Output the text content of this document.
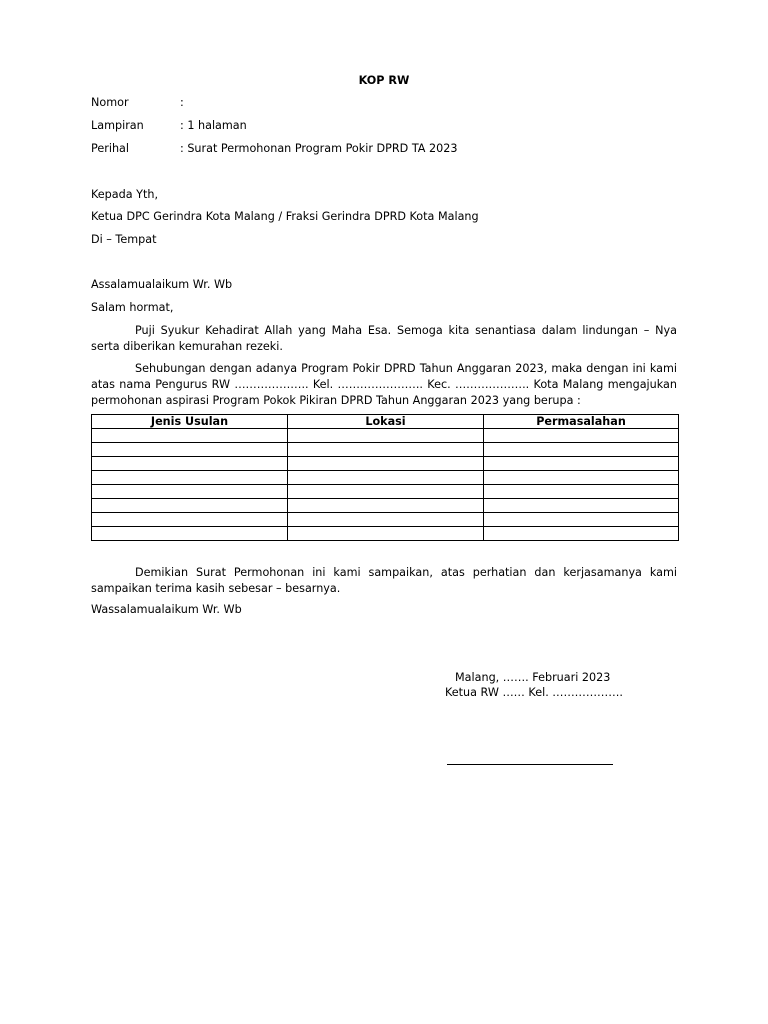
KOP RW
Nomor	:
Lampiran	: 1 halaman
Perihal	: Surat Permohonan Program Pokir DPRD TA 2023
Kepada Yth,
Ketua DPC Gerindra Kota Malang / Fraksi Gerindra DPRD Kota Malang
Di – Tempat
Assalamualaikum Wr. Wb
Salam hormat,
Puji Syukur Kehadirat Allah yang Maha Esa. Semoga kita senantiasa dalam lindungan – Nya serta diberikan kemurahan rezeki.
Sehubungan dengan adanya Program Pokir DPRD Tahun Anggaran 2023, maka dengan ini kami atas nama Pengurus RW ……………….. Kel. ………………….. Kec. ……………….. Kota Malang mengajukan permohonan aspirasi Program Pokok Pikiran DPRD Tahun Anggaran 2023 yang berupa :
Jenis Usulan	Lokasi	Permasalahan

Demikian Surat Permohonan ini kami sampaikan, atas perhatian dan kerjasamanya kami sampaikan terima kasih sebesar – besarnya.
Wassalamualaikum Wr. Wb
Malang, ……. Februari 2023
Ketua RW …… Kel. ……………….
